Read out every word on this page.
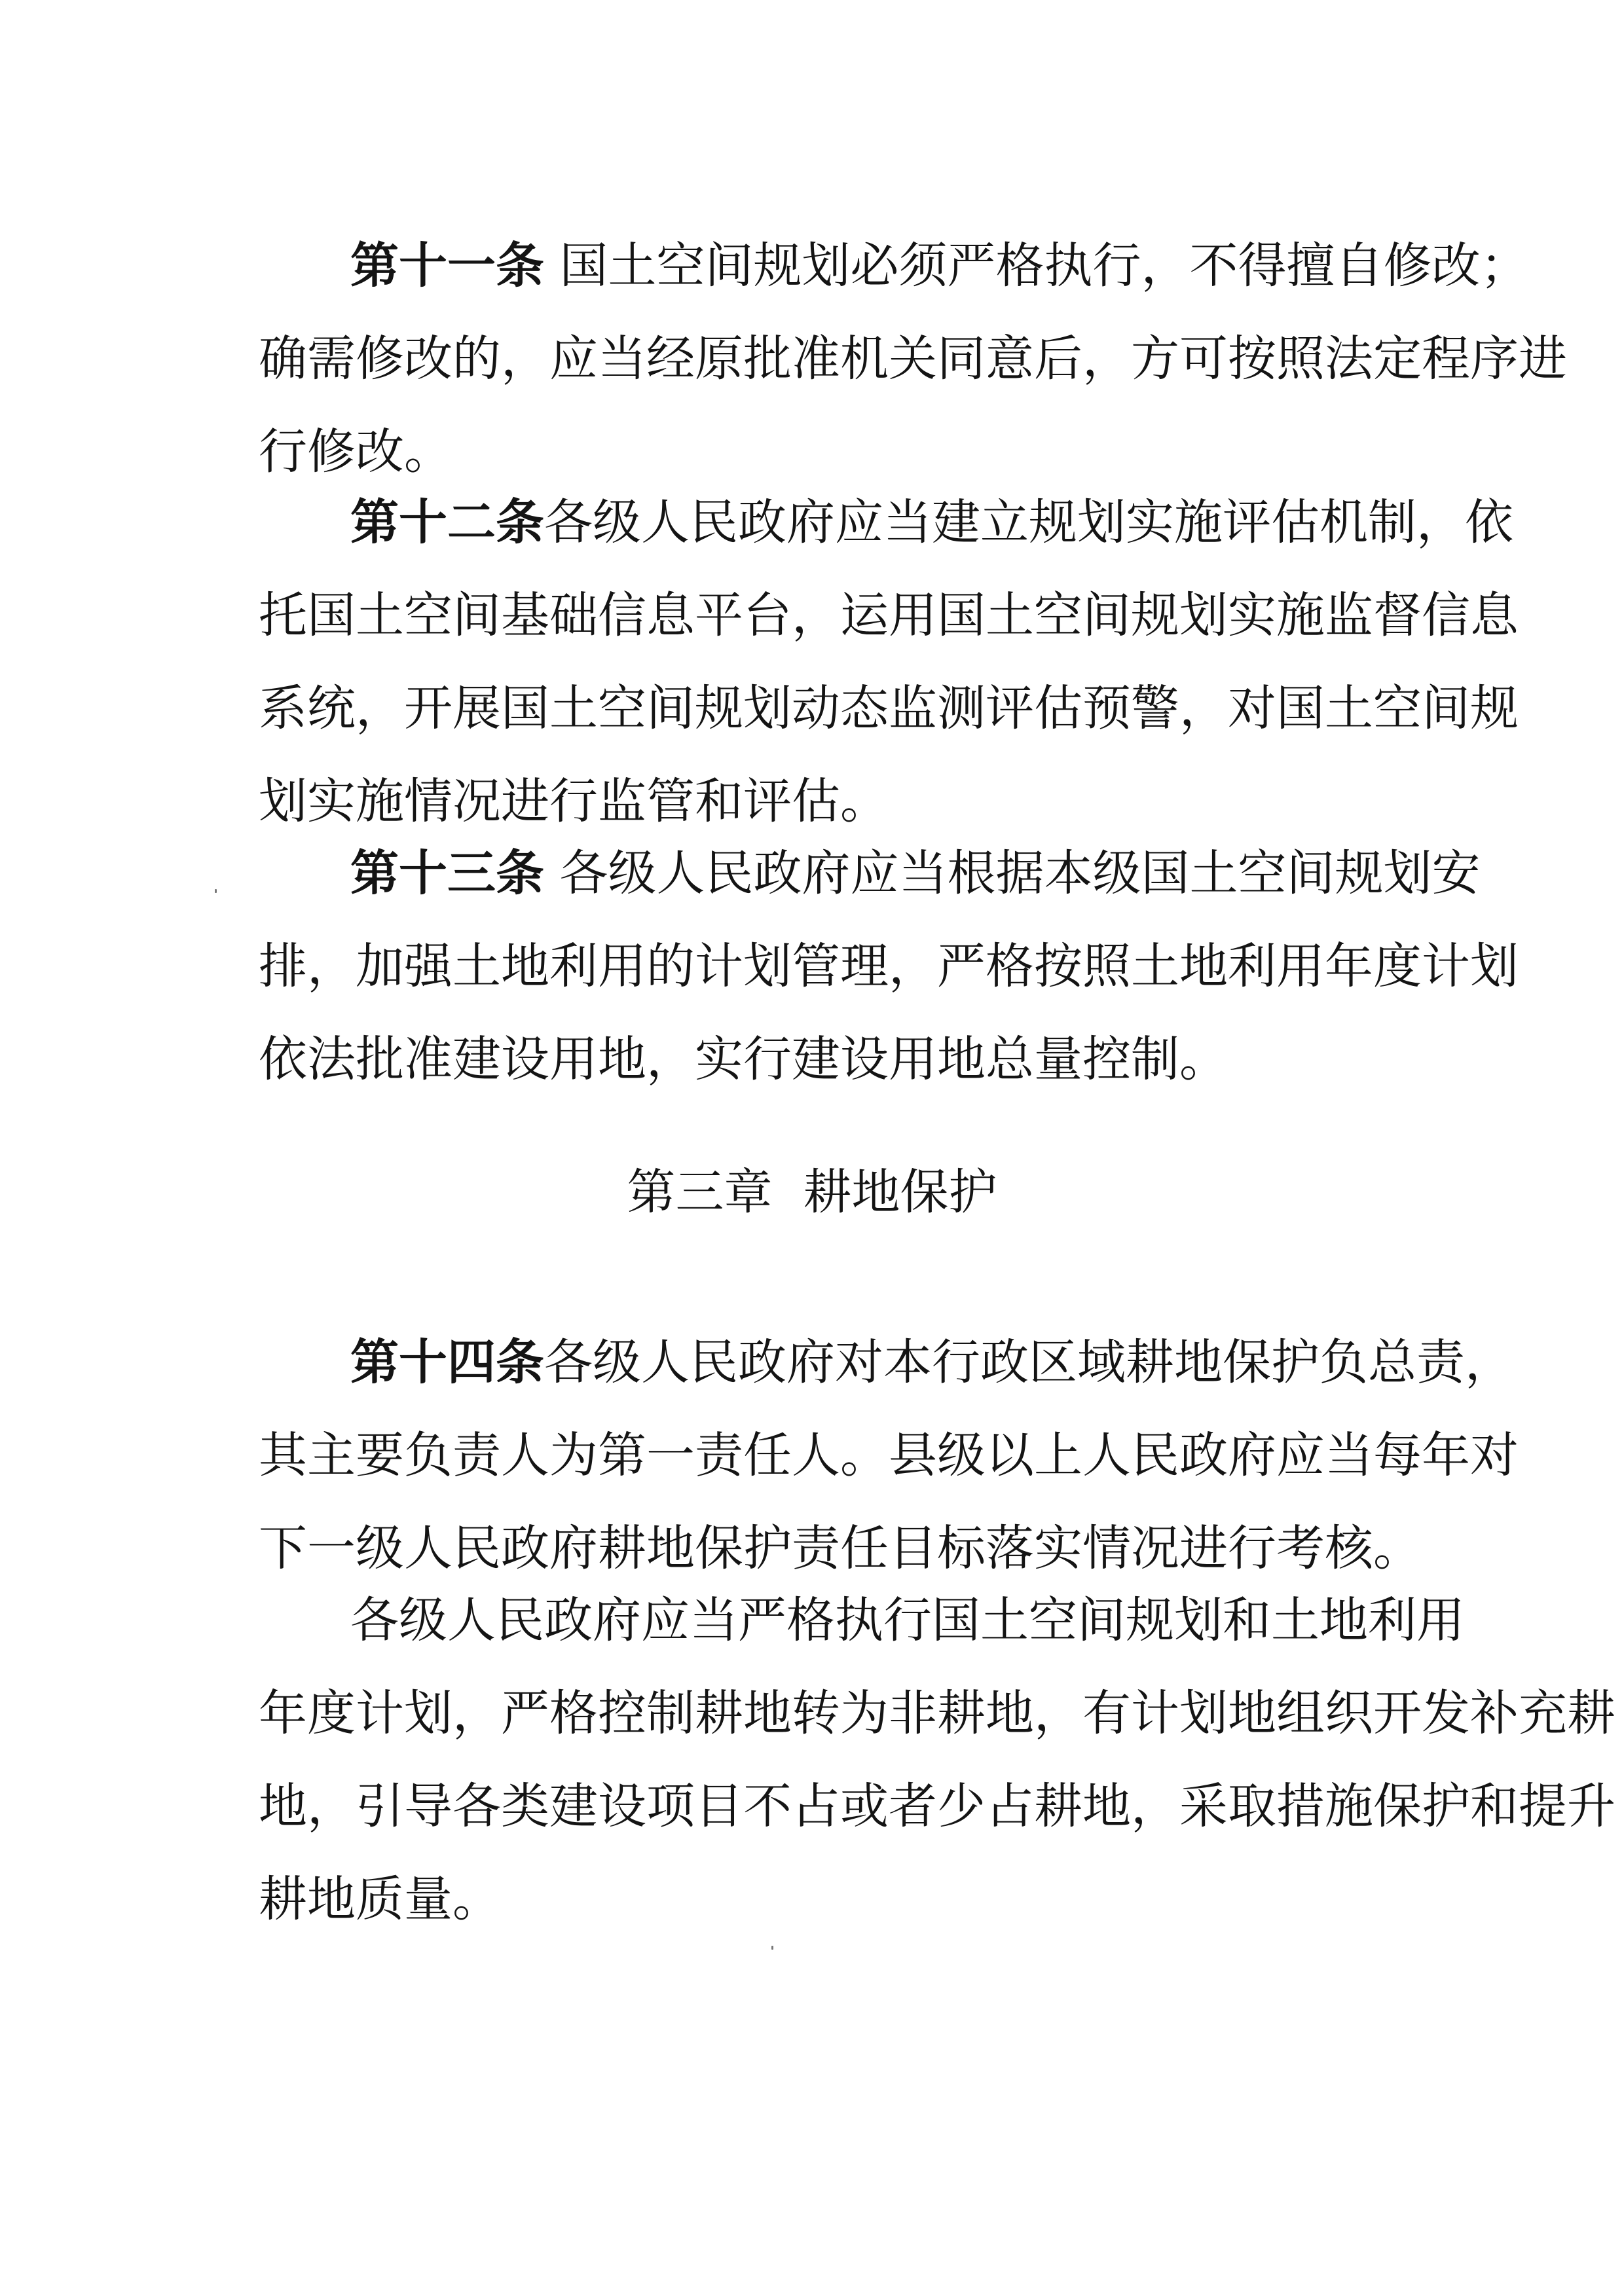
第十一条 国土空间规划必须严格执行，不得擅自修改；
确需修改的，应当经原批准机关同意后，方可按照法定程序进
行修改。
第十二条各级人民政府应当建立规划实施评估机制，依
托国土空间基础信息平台，运用国土空间规划实施监督信息
系统，开展国土空间规划动态监测评估预警，对国土空间规
划实施情况进行监管和评估。
第十三条 各级人民政府应当根据本级国土空间规划安
排，加强土地利用的计划管理，严格按照土地利用年度计划
依法批准建设用地，实行建设用地总量控制。
第三章  耕地保护
第十四条各级人民政府对本行政区域耕地保护负总责，
其主要负责人为第一责任人。县级以上人民政府应当每年对
下一级人民政府耕地保护责任目标落实情况进行考核。
各级人民政府应当严格执行国土空间规划和土地利用
年度计划，严格控制耕地转为非耕地，有计划地组织开发补充耕
地，引导各类建设项目不占或者少占耕地，采取措施保护和提升
耕地质量。
